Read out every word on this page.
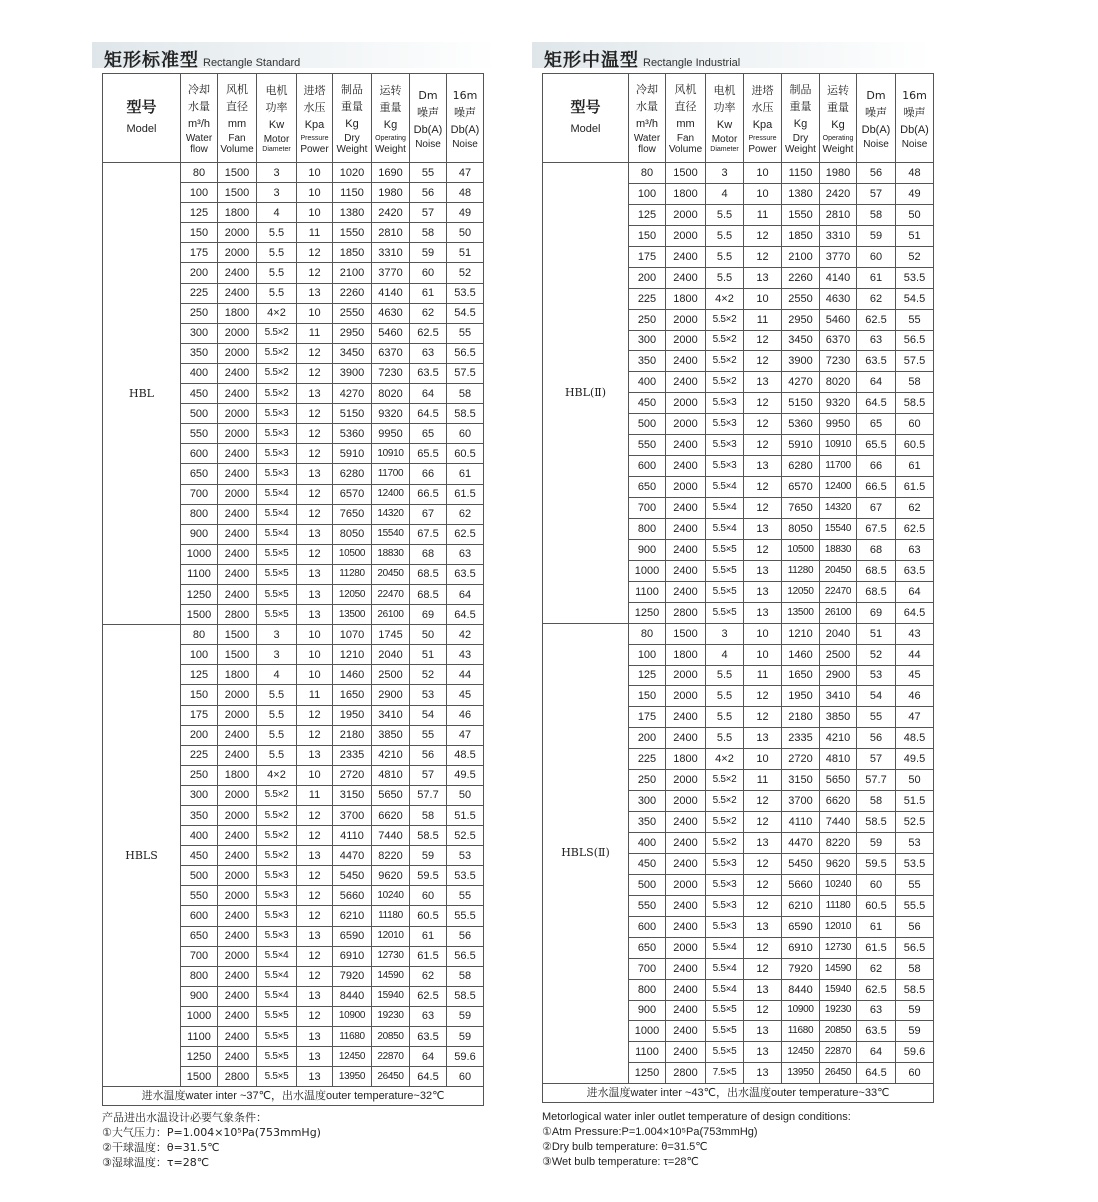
矩形标准型 Rectangle Standard
型号
Model	冷却
水量
m³/h
Water
flow	风机
直径
mm
Fan
Volume	电机
功率
Kw
Motor
Diameter	进塔
水压
Kpa
Pressure
Power	制品
重量
Kg
Dry
Weight	运转
重量
Kg
Operating
Weight	Dm
噪声
Db(A)
Noise	16m
噪声
Db(A)
Noise

HBL	80	1500	3	10	1020	1690	55	47
	100	1500	3	10	1150	1980	56	48
	125	1800	4	10	1380	2420	57	49
	150	2000	5.5	11	1550	2810	58	50
	175	2000	5.5	12	1850	3310	59	51
	200	2400	5.5	12	2100	3770	60	52
	225	2400	5.5	13	2260	4140	61	53.5
	250	1800	4×2	10	2550	4630	62	54.5
	300	2000	5.5×2	11	2950	5460	62.5	55
	350	2000	5.5×2	12	3450	6370	63	56.5
	400	2400	5.5×2	12	3900	7230	63.5	57.5
	450	2400	5.5×2	13	4270	8020	64	58
	500	2000	5.5×3	12	5150	9320	64.5	58.5
	550	2000	5.5×3	12	5360	9950	65	60
	600	2400	5.5×3	12	5910	10910	65.5	60.5
	650	2400	5.5×3	13	6280	11700	66	61
	700	2000	5.5×4	12	6570	12400	66.5	61.5
	800	2400	5.5×4	12	7650	14320	67	62
	900	2400	5.5×4	13	8050	15540	67.5	62.5
	1000	2400	5.5×5	12	10500	18830	68	63
	1100	2400	5.5×5	13	11280	20450	68.5	63.5
	1250	2400	5.5×5	13	12050	22470	68.5	64
	1500	2800	5.5×5	13	13500	26100	69	64.5
HBLS	80	1500	3	10	1070	1745	50	42
	100	1500	3	10	1210	2040	51	43
	125	1800	4	10	1460	2500	52	44
	150	2000	5.5	11	1650	2900	53	45
	175	2000	5.5	12	1950	3410	54	46
	200	2400	5.5	12	2180	3850	55	47
	225	2400	5.5	13	2335	4210	56	48.5
	250	1800	4×2	10	2720	4810	57	49.5
	300	2000	5.5×2	11	3150	5650	57.7	50
	350	2000	5.5×2	12	3700	6620	58	51.5
	400	2400	5.5×2	12	4110	7440	58.5	52.5
	450	2400	5.5×2	13	4470	8220	59	53
	500	2000	5.5×3	12	5450	9620	59.5	53.5
	550	2000	5.5×3	12	5660	10240	60	55
	600	2400	5.5×3	12	6210	11180	60.5	55.5
	650	2400	5.5×3	13	6590	12010	61	56
	700	2000	5.5×4	12	6910	12730	61.5	56.5
	800	2400	5.5×4	12	7920	14590	62	58
	900	2400	5.5×4	13	8440	15940	62.5	58.5
	1000	2400	5.5×5	12	10900	19230	63	59
	1100	2400	5.5×5	13	11680	20850	63.5	59
	1250	2400	5.5×5	13	12450	22870	64	59.6
	1500	2800	5.5×5	13	13950	26450	64.5	60
进水温度water inter ~37℃，出水温度outer temperature~32℃								
产品进出水温设计必要气象条件：
①大气压力：P=1.004×10⁵Pa(753mmHg)
②干球温度：θ=31.5℃
③湿球温度：τ=28℃
矩形中温型 Rectangle Industrial
型号
Model	冷却
水量
m³/h
Water
flow	风机
直径
mm
Fan
Volume	电机
功率
Kw
Motor
Diameter	进塔
水压
Kpa
Pressure
Power	制品
重量
Kg
Dry
Weight	运转
重量
Kg
Operating
Weight	Dm
噪声
Db(A)
Noise	16m
噪声
Db(A)
Noise

HBL(Ⅱ)	80	1500	3	10	1150	1980	56	48
	100	1800	4	10	1380	2420	57	49
	125	2000	5.5	11	1550	2810	58	50
	150	2000	5.5	12	1850	3310	59	51
	175	2400	5.5	12	2100	3770	60	52
	200	2400	5.5	13	2260	4140	61	53.5
	225	1800	4×2	10	2550	4630	62	54.5
	250	2000	5.5×2	11	2950	5460	62.5	55
	300	2000	5.5×2	12	3450	6370	63	56.5
	350	2400	5.5×2	12	3900	7230	63.5	57.5
	400	2400	5.5×2	13	4270	8020	64	58
	450	2000	5.5×3	12	5150	9320	64.5	58.5
	500	2000	5.5×3	12	5360	9950	65	60
	550	2400	5.5×3	12	5910	10910	65.5	60.5
	600	2400	5.5×3	13	6280	11700	66	61
	650	2000	5.5×4	12	6570	12400	66.5	61.5
	700	2400	5.5×4	12	7650	14320	67	62
	800	2400	5.5×4	13	8050	15540	67.5	62.5
	900	2400	5.5×5	12	10500	18830	68	63
	1000	2400	5.5×5	13	11280	20450	68.5	63.5
	1100	2400	5.5×5	13	12050	22470	68.5	64
	1250	2800	5.5×5	13	13500	26100	69	64.5
HBLS(Ⅱ)	80	1500	3	10	1210	2040	51	43
	100	1800	4	10	1460	2500	52	44
	125	2000	5.5	11	1650	2900	53	45
	150	2000	5.5	12	1950	3410	54	46
	175	2400	5.5	12	2180	3850	55	47
	200	2400	5.5	13	2335	4210	56	48.5
	225	1800	4×2	10	2720	4810	57	49.5
	250	2000	5.5×2	11	3150	5650	57.7	50
	300	2000	5.5×2	12	3700	6620	58	51.5
	350	2400	5.5×2	12	4110	7440	58.5	52.5
	400	2400	5.5×2	13	4470	8220	59	53
	450	2400	5.5×3	12	5450	9620	59.5	53.5
	500	2000	5.5×3	12	5660	10240	60	55
	550	2400	5.5×3	12	6210	11180	60.5	55.5
	600	2400	5.5×3	13	6590	12010	61	56
	650	2000	5.5×4	12	6910	12730	61.5	56.5
	700	2400	5.5×4	12	7920	14590	62	58
	800	2400	5.5×4	13	8440	15940	62.5	58.5
	900	2400	5.5×5	12	10900	19230	63	59
	1000	2400	5.5×5	13	11680	20850	63.5	59
	1100	2400	5.5×5	13	12450	22870	64	59.6
	1250	2800	7.5×5	13	13950	26450	64.5	60
进水温度water inter ~43℃，出水温度outer temperature~33℃								
Metorlogical water inler outlet temperature of design conditions:
①Atm Pressure:P=1.004×10⁵Pa(753mmHg)
②Dry bulb temperature: θ=31.5℃
③Wet bulb temperature: τ=28℃
